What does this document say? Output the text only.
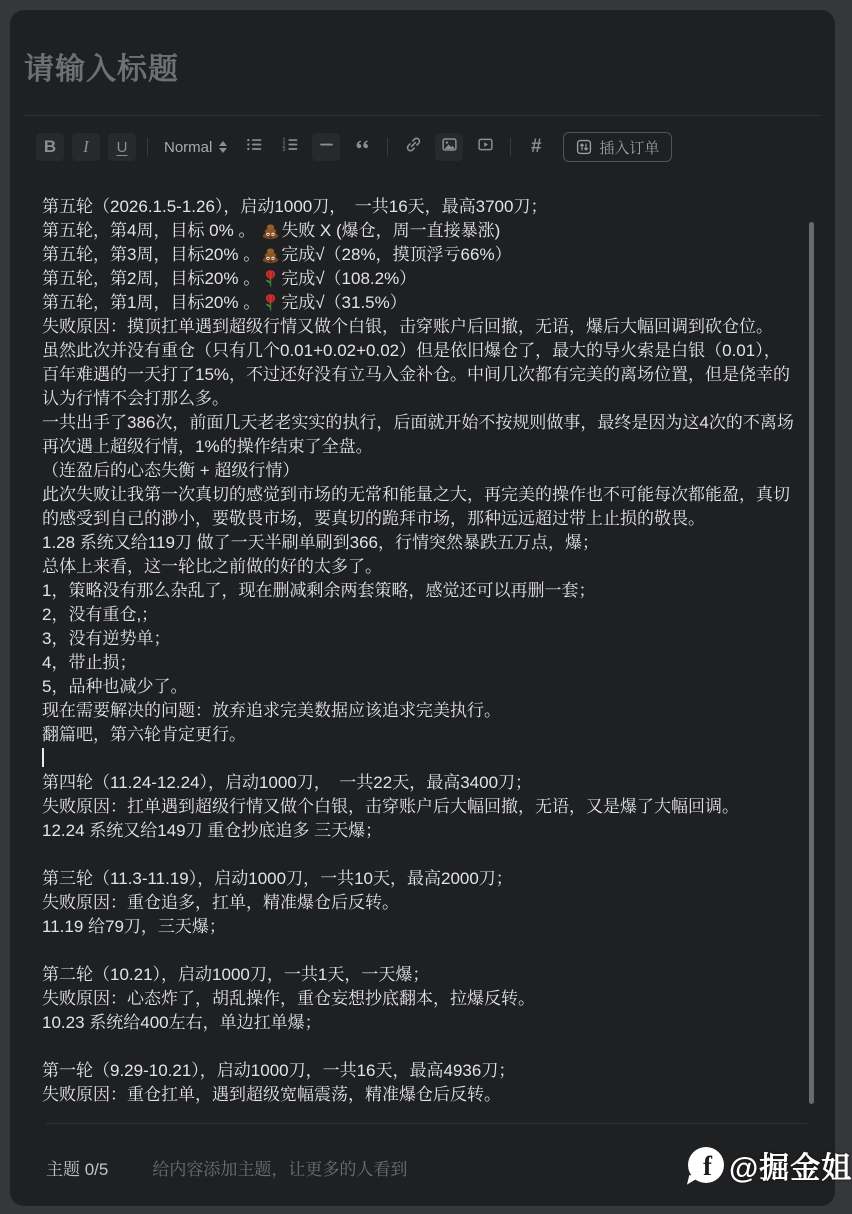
请输入标题
B I U Normal	1
2
3	#	插入订单
第五轮（2026.1.5-1.26），启动1000刀，　一共16天，最高3700刀；
第五轮，第4周，目标 0% 。
失败 X (爆仓，周一直接暴涨)
第五轮，第3周，目标20% 。 完成√（28%，摸顶浮亏66%）
第五轮，第2周，目标20% 。 完成√（108.2%）
第五轮，第1周，目标20% 。 完成√（31.5%）
失败原因：摸顶扛单遇到超级行情又做个白银，击穿账户后回撤，无语，爆后大幅回调到砍仓位。
虽然此次并没有重仓（只有几个0.01+0.02+0.02）但是依旧爆仓了，最大的导火索是白银（0.01），
百年难遇的一天打了15%，不过还好没有立马入金补仓。中间几次都有完美的离场位置，但是侥幸的
认为行情不会打那么多。
一共出手了386次，前面几天老老实实的执行，后面就开始不按规则做事，最终是因为这4次的不离场
再次遇上超级行情，1%的操作结束了全盘。
（连盈后的心态失衡 + 超级行情）
此次失败让我第一次真切的感觉到市场的无常和能量之大，再完美的操作也不可能每次都能盈，真切
的感受到自己的渺小，要敬畏市场，要真切的跪拜市场，那种远远超过带上止损的敬畏。
1.28 系统又给119刀 做了一天半刷单刷到366，行情突然暴跌五万点，爆；
总体上来看，这一轮比之前做的好的太多了。
1，策略没有那么杂乱了，现在删减剩余两套策略，感觉还可以再删一套；
2，没有重仓,；
3，没有逆势单；
4，带止损；
5，品种也减少了。
现在需要解决的问题：放弃追求完美数据应该追求完美执行。
翻篇吧，第六轮肯定更行。
第四轮（11.24-12.24），启动1000刀，　一共22天，最高3400刀；
失败原因：扛单遇到超级行情又做个白银，击穿账户后大幅回撤，无语，又是爆了大幅回调。
12.24 系统又给149刀 重仓抄底追多 三天爆；
第三轮（11.3-11.19），启动1000刀，一共10天，最高2000刀；
失败原因：重仓追多，扛单，精准爆仓后反转。
11.19 给79刀，三天爆；
第二轮（10.21），启动1000刀，一共1天，一天爆；
失败原因：心态炸了，胡乱操作，重仓妄想抄底翻本，拉爆反转。
10.23 系统给400左右，单边扛单爆；
第一轮（9.29-10.21），启动1000刀，一共16天，最高4936刀；
失败原因：重仓扛单，遇到超级宽幅震荡，精准爆仓后反转。
主题 0/5	给内容添加主题，让更多的人看到	f @掘金姐
